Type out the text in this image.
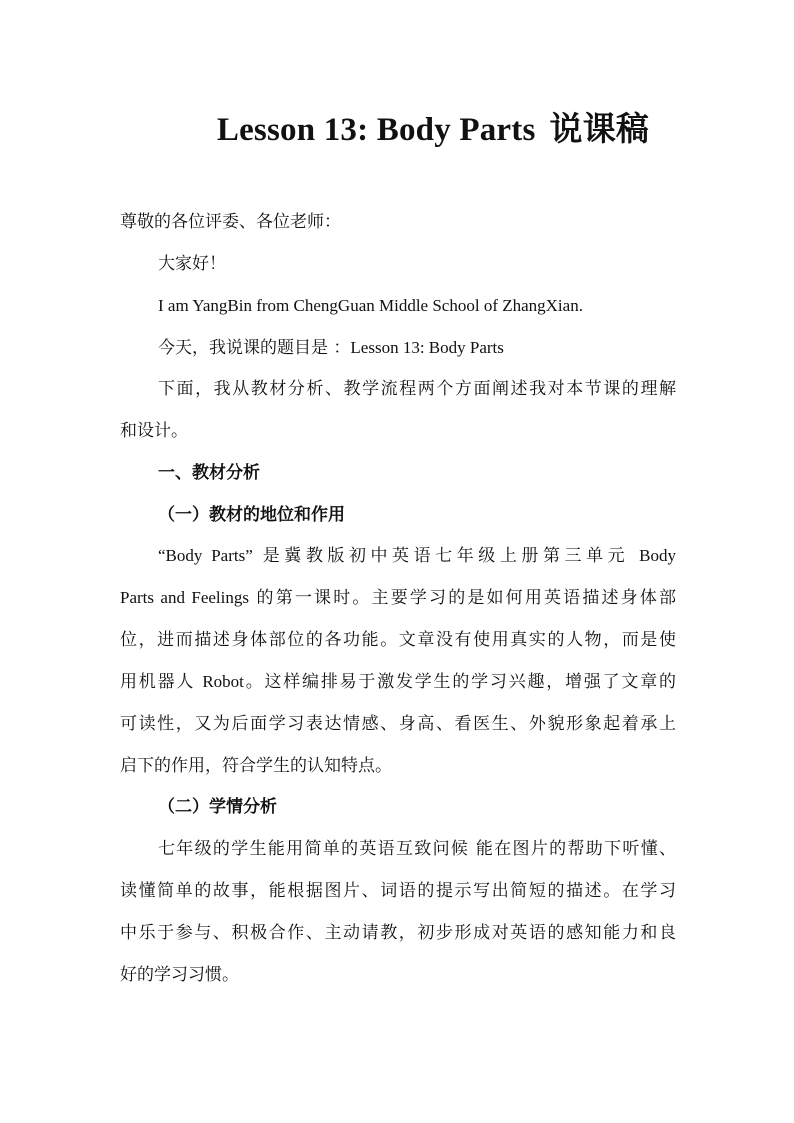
Lesson 13: Body Parts 说课稿
尊敬的各位评委、各位老师：
大家好！
I am YangBin from ChengGuan Middle School of ZhangXian.
今天，我说课的题目是 ：Lesson 13: Body Parts
下面，我从教材分析、教学流程两个方面阐述我对本节课的理解
和设计。
一、教材分析
（一）教材的地位和作用
“Body Parts” 是冀教版初中英语七年级上册第三单元 Body
Parts and Feelings 的第一课时。主要学习的是如何用英语描述身体部
位，进而描述身体部位的各功能。文章没有使用真实的人物，而是使
用机器人 Robot。这样编排易于激发学生的学习兴趣，增强了文章的
可读性，又为后面学习表达情感、身高、看医生、外貌形象起着承上
启下的作用，符合学生的认知特点。
（二）学情分析
七年级的学生能用简单的英语互致问候 能在图片的帮助下听懂、
读懂简单的故事，能根据图片、词语的提示写出简短的描述。在学习
中乐于参与、积极合作、主动请教，初步形成对英语的感知能力和良
好的学习习惯。
